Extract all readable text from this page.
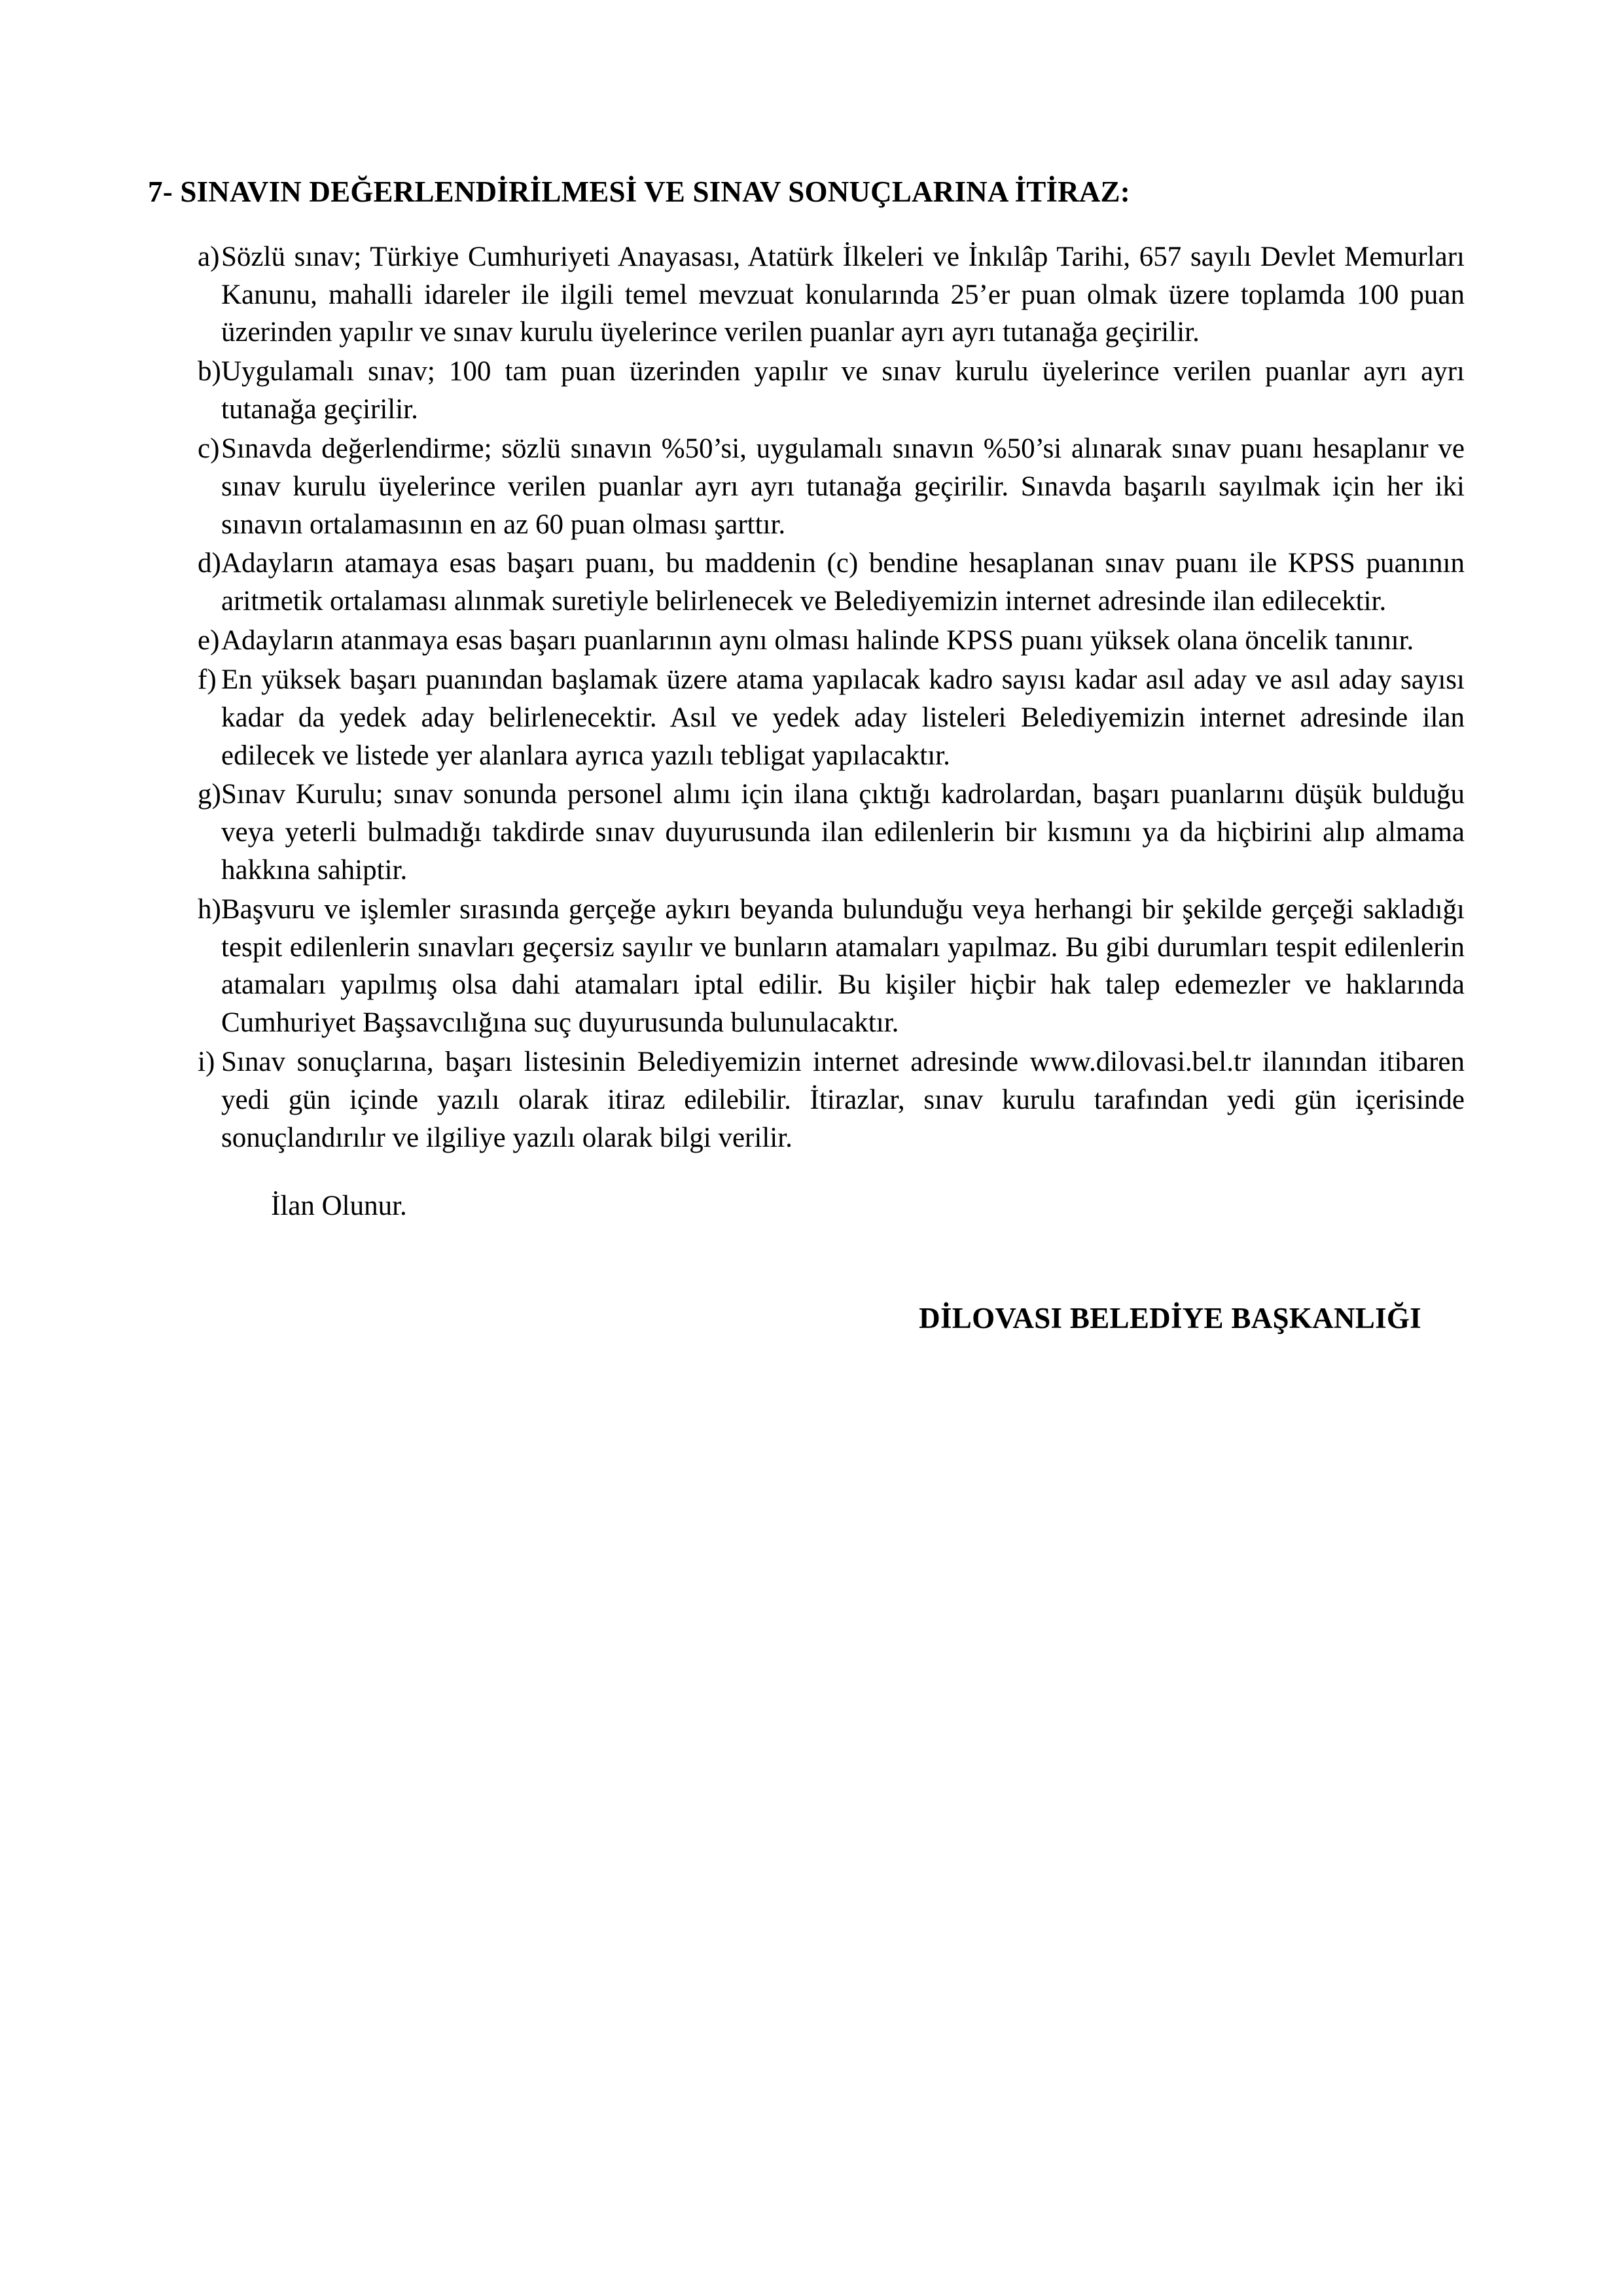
7- SINAVIN DEĞERLENDİRİLMESİ VE SINAV SONUÇLARINA İTİRAZ:
a) Sözlü sınav; Türkiye Cumhuriyeti Anayasası, Atatürk İlkeleri ve İnkılâp Tarihi, 657 sayılı Devlet Memurları Kanunu, mahalli idareler ile ilgili temel mevzuat konularında 25’er puan olmak üzere toplamda 100 puan üzerinden yapılır ve sınav kurulu üyelerince verilen puanlar ayrı ayrı tutanağa geçirilir.
b) Uygulamalı sınav; 100 tam puan üzerinden yapılır ve sınav kurulu üyelerince verilen puanlar ayrı ayrı tutanağa geçirilir.
c) Sınavda değerlendirme; sözlü sınavın %50’si, uygulamalı sınavın %50’si alınarak sınav puanı hesaplanır ve sınav kurulu üyelerince verilen puanlar ayrı ayrı tutanağa geçirilir. Sınavda başarılı sayılmak için her iki sınavın ortalamasının en az 60 puan olması şarttır.
d) Adayların atamaya esas başarı puanı, bu maddenin (c) bendine hesaplanan sınav puanı ile KPSS puanının aritmetik ortalaması alınmak suretiyle belirlenecek ve Belediyemizin internet adresinde ilan edilecektir.
e) Adayların atanmaya esas başarı puanlarının aynı olması halinde KPSS puanı yüksek olana öncelik tanınır.
f) En yüksek başarı puanından başlamak üzere atama yapılacak kadro sayısı kadar asıl aday ve asıl aday sayısı kadar da yedek aday belirlenecektir. Asıl ve yedek aday listeleri Belediyemizin internet adresinde ilan edilecek ve listede yer alanlara ayrıca yazılı tebligat yapılacaktır.
g) Sınav Kurulu; sınav sonunda personel alımı için ilana çıktığı kadrolardan, başarı puanlarını düşük bulduğu veya yeterli bulmadığı takdirde sınav duyurusunda ilan edilenlerin bir kısmını ya da hiçbirini alıp almama hakkına sahiptir.
h) Başvuru ve işlemler sırasında gerçeğe aykırı beyanda bulunduğu veya herhangi bir şekilde gerçeği sakladığı tespit edilenlerin sınavları geçersiz sayılır ve bunların atamaları yapılmaz. Bu gibi durumları tespit edilenlerin atamaları yapılmış olsa dahi atamaları iptal edilir. Bu kişiler hiçbir hak talep edemezler ve haklarında Cumhuriyet Başsavcılığına suç duyurusunda bulunulacaktır.
i) Sınav sonuçlarına, başarı listesinin Belediyemizin internet adresinde www.dilovasi.bel.tr ilanından itibaren yedi gün içinde yazılı olarak itiraz edilebilir. İtirazlar, sınav kurulu tarafından yedi gün içerisinde sonuçlandırılır ve ilgiliye yazılı olarak bilgi verilir.
İlan Olunur.
DİLOVASI BELEDİYE BAŞKANLIĞI
